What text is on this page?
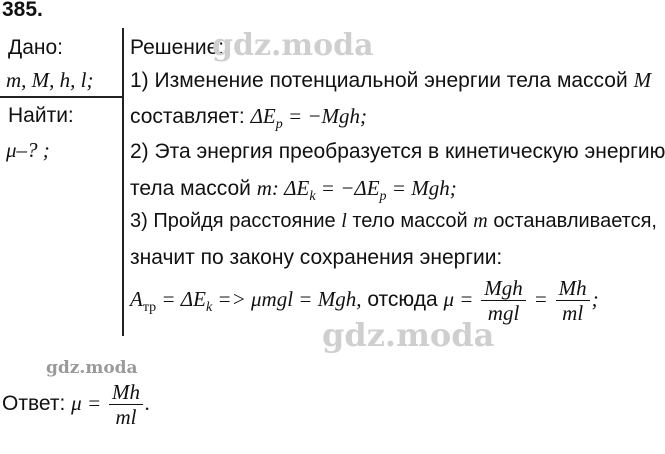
385.
Дано:
m, M, h, l;
Найти:
μ–? ;
Решение:
1) Изменение потенциальной энергии тела массой M
составляет: $\Delta E_p = -Mgh$;
2) Эта энергия преобразуется в кинетическую энергию
тела массой m: $\Delta E_k = -\Delta E_p$ = Mgh;
3) Пройдя расстояние l тело массой m останавливается,
значит по закону сохранения энергии:
$A_{тр} = \Delta E_k => \mu mgl$ = Mgh, отсюда $\mu = \frac{\text{Mgh}}{\text{mgl}} = \frac{Mh}{ml}$ ;
Ответ: $\mu = \frac{Mh}{ml}$ .
gdz.moda
gdz.moda
gdz.moda
